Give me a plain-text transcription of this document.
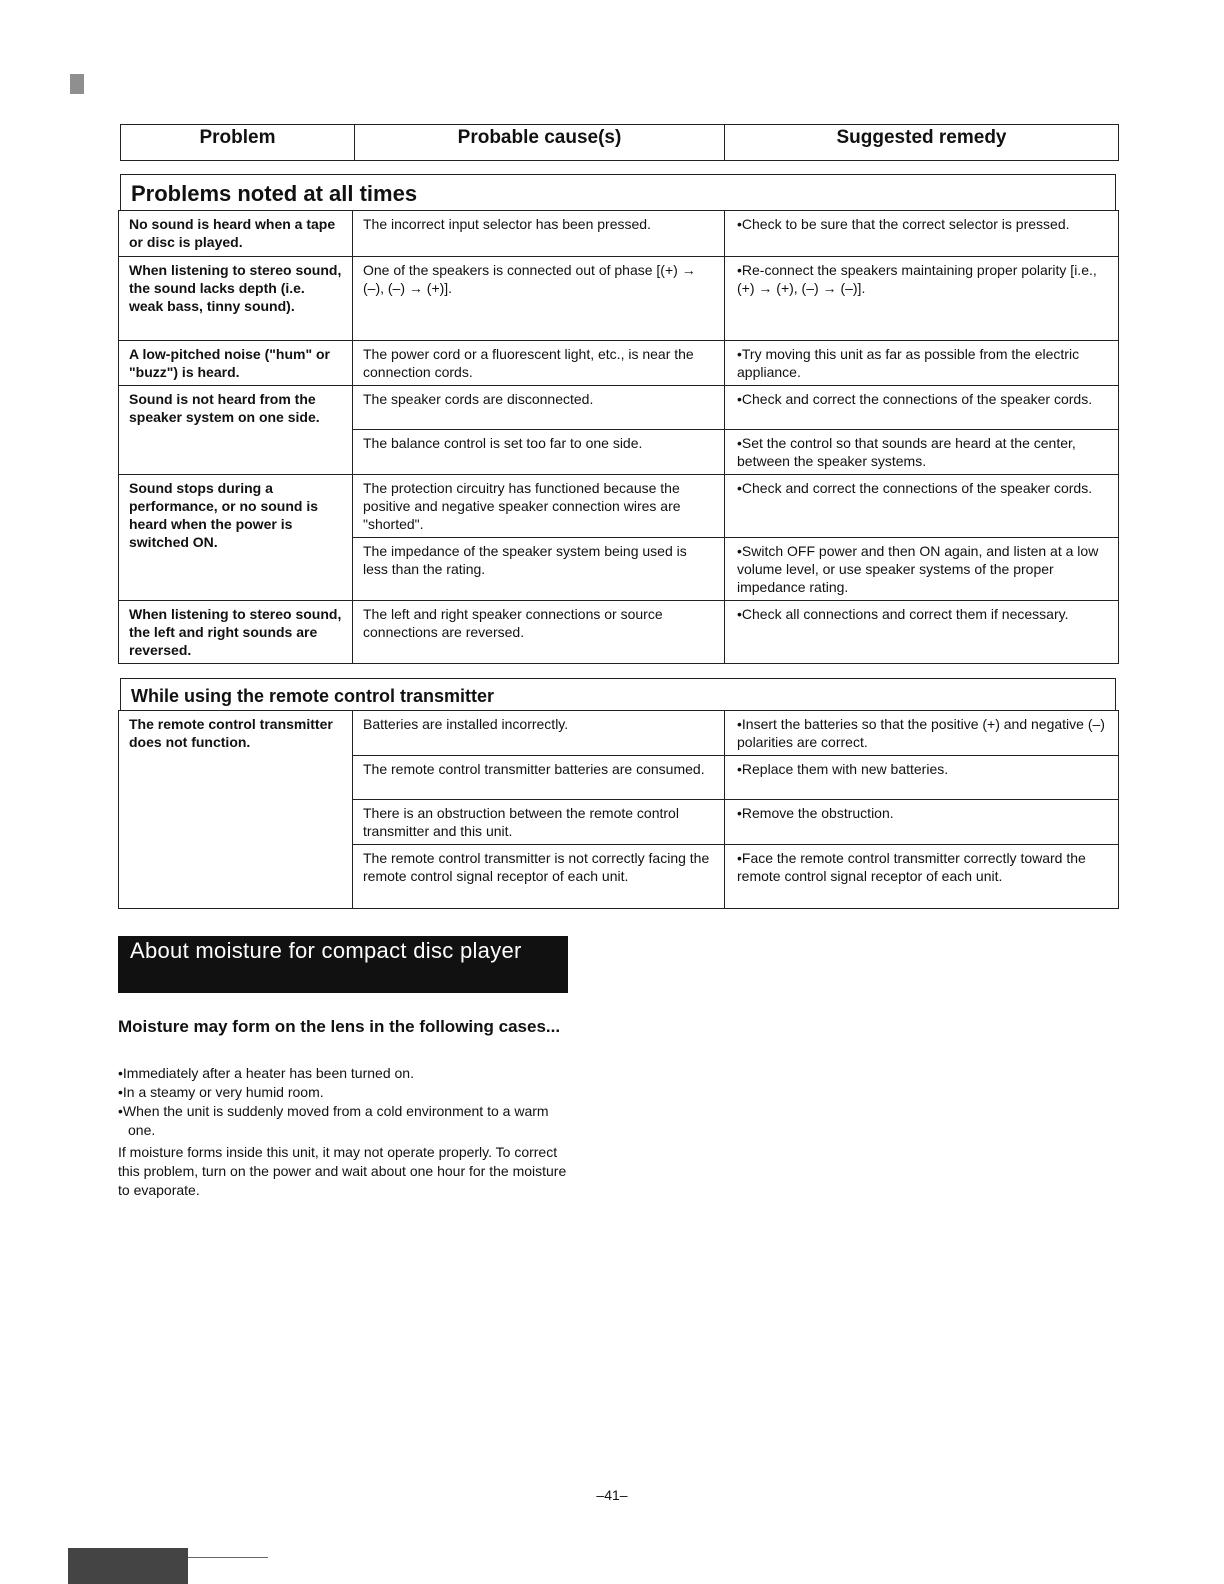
Problem	Probable cause(s)	Suggested remedy
Problems noted at all times
No sound is heard when a tape or disc is played.	The incorrect input selector has been pressed.	•Check to be sure that the correct selector is pressed.
When listening to stereo sound, the sound lacks depth (i.e. weak bass, tinny sound).	One of the speakers is connected out of phase [(+) → (–), (–) → (+)].	•Re-connect the speakers maintaining proper polarity [i.e., (+) → (+), (–) → (–)].
A low-pitched noise ("hum" or "buzz") is heard.	The power cord or a fluorescent light, etc., is near the connection cords.	•Try moving this unit as far as possible from the electric appliance.
Sound is not heard from the speaker system on one side.	The speaker cords are disconnected.	•Check and correct the connections of the speaker cords.
	The balance control is set too far to one side.	•Set the control so that sounds are heard at the center, between the speaker systems.
Sound stops during a performance, or no sound is heard when the power is switched ON.	The protection circuitry has functioned because the positive and negative speaker connection wires are "shorted".	•Check and correct the connections of the speaker cords.
	The impedance of the speaker system being used is less than the rating.	•Switch OFF power and then ON again, and listen at a low volume level, or use speaker systems of the proper impedance rating.
When listening to stereo sound, the left and right sounds are reversed.	The left and right speaker connections or source connections are reversed.	•Check all connections and correct them if necessary.
While using the remote control transmitter
The remote control transmitter does not function.	Batteries are installed incorrectly.	•Insert the batteries so that the positive (+) and negative (–) polarities are correct.
	The remote control transmitter batteries are consumed.	•Replace them with new batteries.
	There is an obstruction between the remote control transmitter and this unit.	•Remove the obstruction.
	The remote control transmitter is not correctly facing the remote control signal receptor of each unit.	•Face the remote control transmitter correctly toward the remote control signal receptor of each unit.
About moisture for compact disc player
Moisture may form on the lens in the following cases...
•Immediately after a heater has been turned on.
•In a steamy or very humid room.
•When the unit is suddenly moved from a cold environment to a warm one.
If moisture forms inside this unit, it may not operate properly. To correct this problem, turn on the power and wait about one hour for the moisture to evaporate.
–41–
